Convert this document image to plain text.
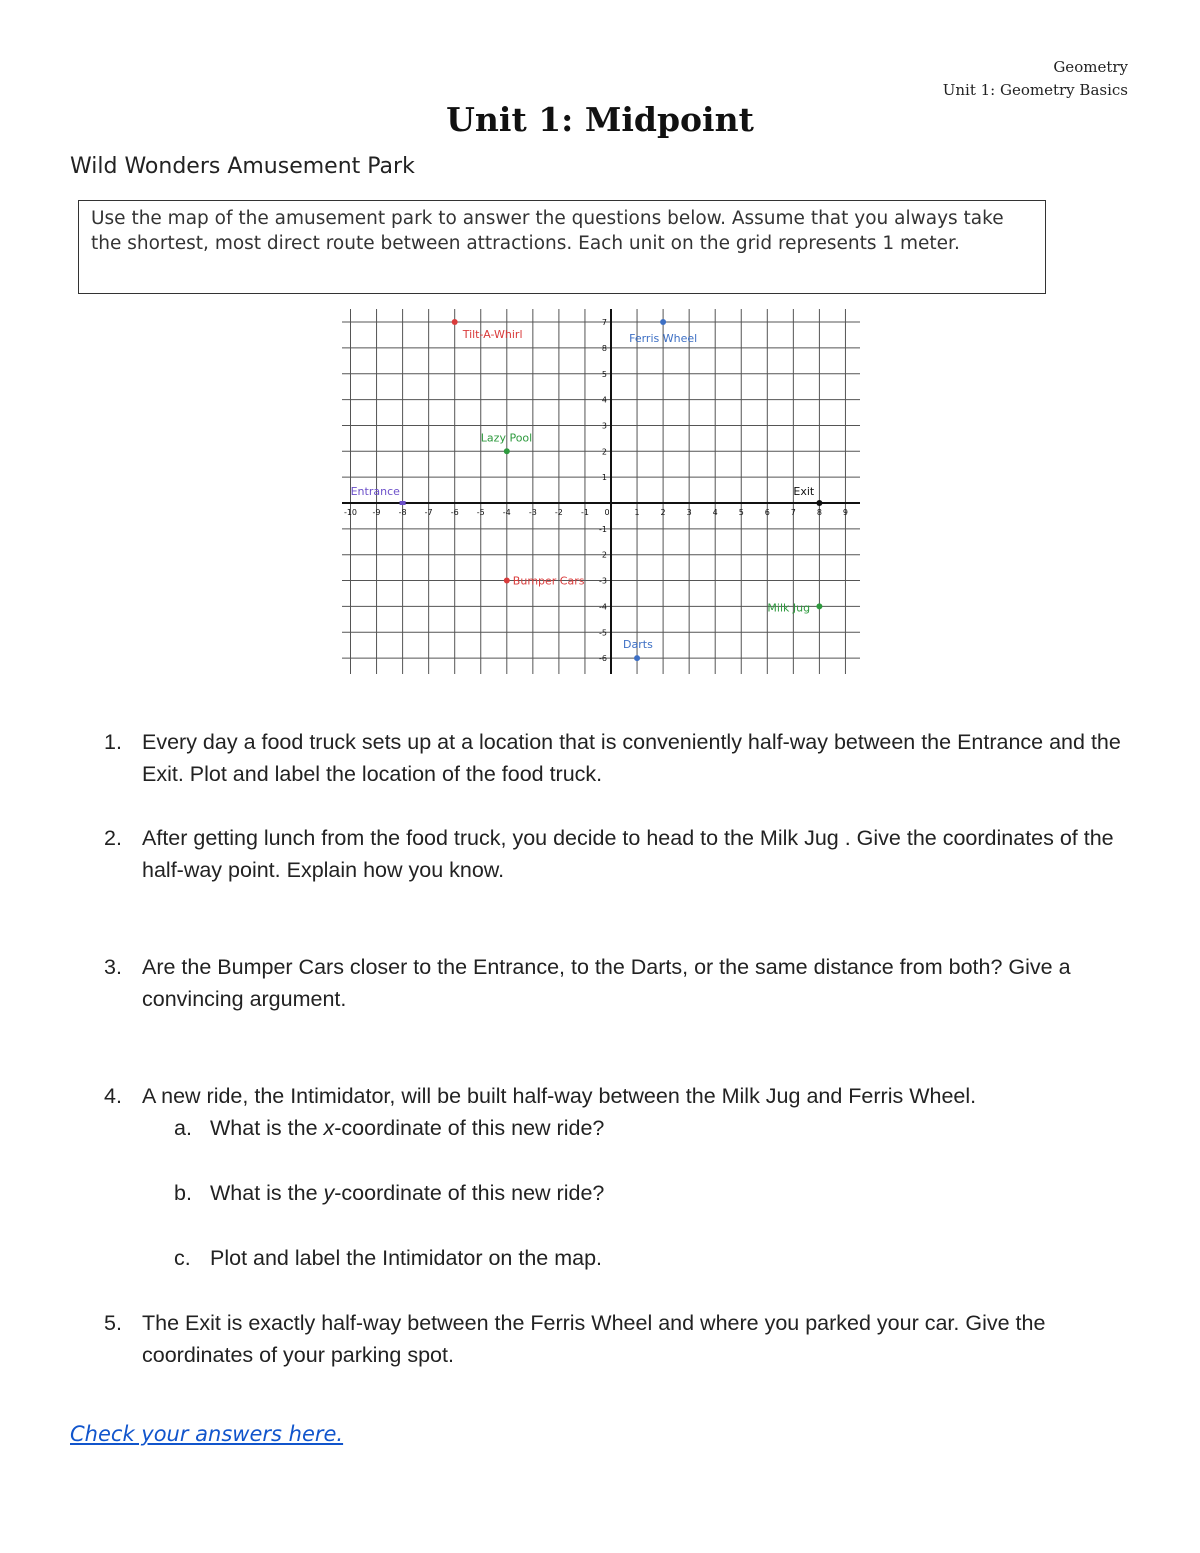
Geometry
Unit 1: Geometry Basics
Unit 1: Midpoint
Wild Wonders Amusement Park
Use the map of the amusement park to answer the questions below. Assume that you always take the shortest, most direct route between attractions. Each unit on the grid represents 1 meter.
-10 -9 -8 -7 -6 -5 -4 -3 -2 -1 0	1	2	3	4	5	6	7	8	9
7
8
5
4
3
2
1
-1
2
-3
-4
-5
-6
Tilt-A-Whirl	Ferris Wheel
Lazy Pool
Entrance	Exit
Bumper Cars
Milk Jug
Darts
1. Every day a food truck sets up at a location that is conveniently half-way between the Entrance and the Exit. Plot and label the location of the food truck.
2. After getting lunch from the food truck, you decide to head to the Milk Jug . Give the coordinates of the half-way point. Explain how you know.
3. Are the Bumper Cars closer to the Entrance, to the Darts, or the same distance from both? Give a convincing argument.
4. A new ride, the Intimidator, will be built half-way between the Milk Jug and Ferris Wheel.
a. What is the x-coordinate of this new ride?
b. What is the y-coordinate of this new ride?
c. Plot and label the Intimidator on the map.
5. The Exit is exactly half-way between the Ferris Wheel and where you parked your car. Give the coordinates of your parking spot.
Check your answers here.
